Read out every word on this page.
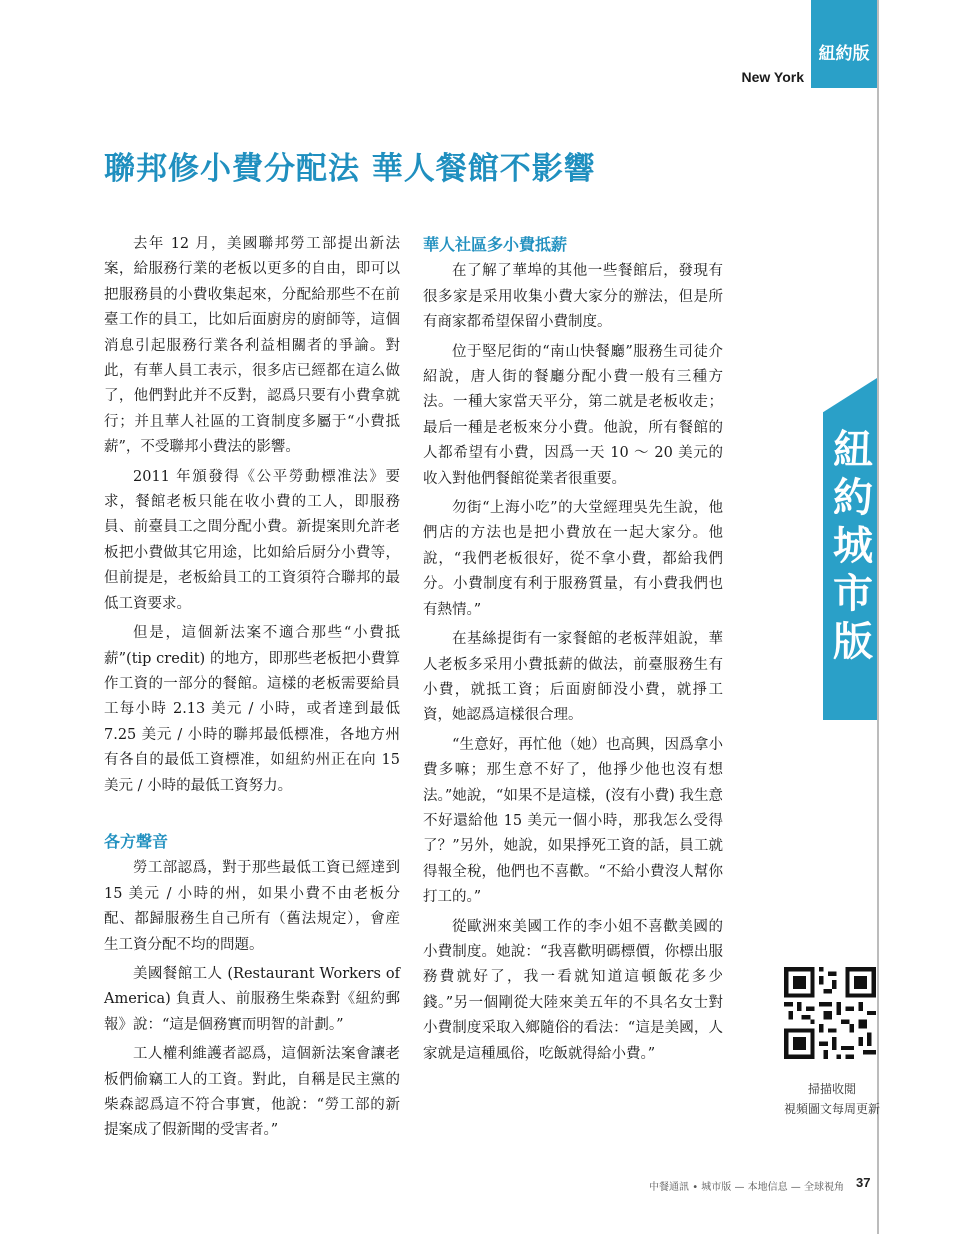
紐約版
New York
紐約城市版
聯邦修小費分配法 華人餐館不影響

去年 12 月，美國聯邦勞工部提出新法案，給服務行業的老板以更多的自由，即可以把服務員的小費收集起來，分配給那些不在前臺工作的員工，比如后面廚房的廚師等，這個消息引起服務行業各利益相關者的爭論。對此，有華人員工表示，很多店已經都在這么做了，他們對此并不反對，認爲只要有小費拿就行；并且華人社區的工資制度多屬于“小費抵薪”，不受聯邦小費法的影響。

2011 年頒發得《公平勞動標准法》要求，餐館老板只能在收小費的工人，即服務員、前臺員工之間分配小費。新提案則允許老板把小費做其它用途，比如給后厨分小費等，但前提是，老板給員工的工資須符合聯邦的最低工資要求。

但是，這個新法案不適合那些“小費抵薪”(tip credit) 的地方，即那些老板把小費算作工資的一部分的餐館。這樣的老板需要給員工每小時 2.13 美元 / 小時，或者達到最低 7.25 美元 / 小時的聯邦最低標准，各地方州有各自的最低工資標准，如紐約州正在向 15 美元 / 小時的最低工資努力。

各方聲音

勞工部認爲，對于那些最低工資已經達到 15 美元 / 小時的州，如果小費不由老板分配、都歸服務生自己所有（舊法規定），會産生工資分配不均的問題。

美國餐館工人 (Restaurant Workers of America) 負責人、前服務生柴森對《紐約郵報》說：“這是個務實而明智的計劃。”

工人權利維護者認爲，這個新法案會讓老板們偷竊工人的工資。對此，自稱是民主黨的柴森認爲這不符合事實，他說：“勞工部的新提案成了假新聞的受害者。”

華人社區多小費抵薪

在了解了華埠的其他一些餐館后，發現有很多家是采用收集小費大家分的辦法，但是所有商家都希望保留小費制度。

位于堅尼街的“南山快餐廳”服務生司徒介紹說，唐人街的餐廳分配小費一般有三種方法。一種大家當天平分，第二就是老板收走；最后一種是老板來分小費。他說，所有餐館的人都希望有小費，因爲一天 10 ～ 20 美元的收入對他們餐館從業者很重要。

勿街“上海小吃”的大堂經理吳先生說，他們店的方法也是把小費放在一起大家分。他說，“我們老板很好，從不拿小費，都給我們分。小費制度有利于服務質量，有小費我們也有熱情。”

在基絲提街有一家餐館的老板萍姐說，華人老板多采用小費抵薪的做法，前臺服務生有小費，就抵工資；后面廚師没小費，就掙工資，她認爲這樣很合理。

“生意好，再忙他（她）也高興，因爲拿小費多嘛；那生意不好了，他掙少他也沒有想法。”她說，“如果不是這樣，(沒有小費) 我生意不好還給他 15 美元一個小時，那我怎么受得了？”另外，她說，如果掙死工資的話，員工就得報全稅，他們也不喜歡。“不給小費沒人幫你打工的。”

從歐洲來美國工作的李小姐不喜歡美國的小費制度。她說：“我喜歡明碼標價，你標出服務費就好了，我一看就知道這頓飯花多少錢。”另一個剛從大陸來美五年的不具名女士對小費制度采取入鄉隨俗的看法：“這是美國，人家就是這種風俗，吃飯就得給小費。”

掃描收閲
視頻圖文每周更新
中餐通訊 • 城市版 — 本地信息 — 全球視角 37
